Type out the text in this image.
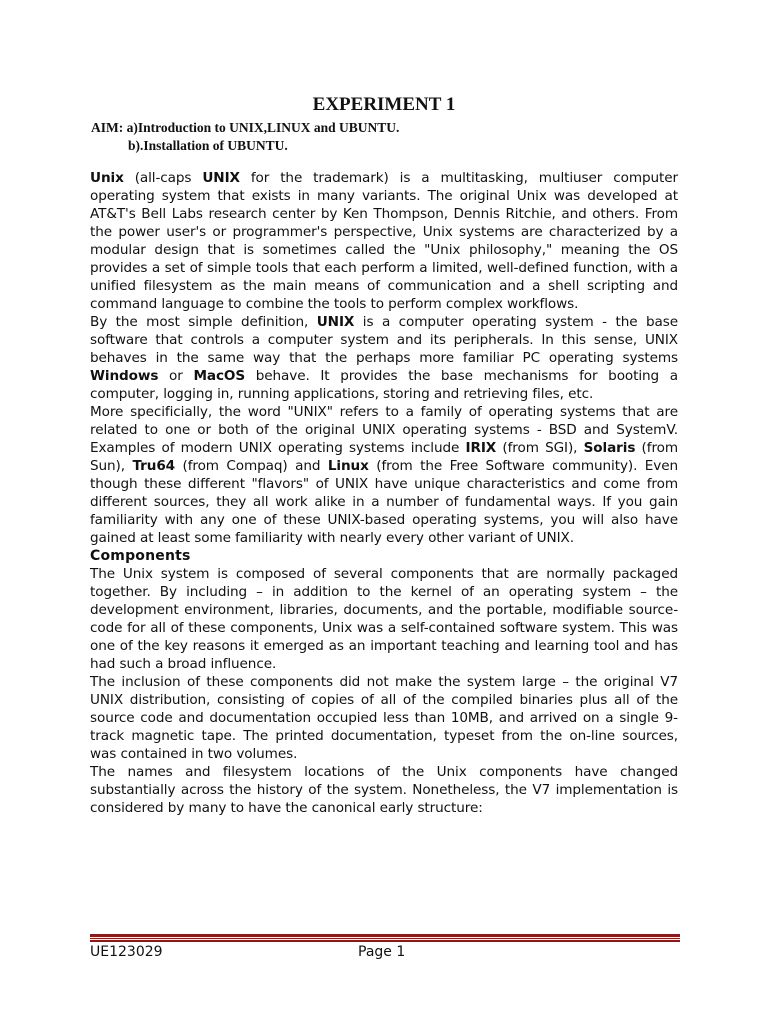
EXPERIMENT 1
AIM: a)Introduction to UNIX,LINUX and UBUNTU.
b).Installation of UBUNTU.

Unix (all-caps UNIX for the trademark) is a multitasking, multiuser computer operating system that exists in many variants. The original Unix was developed at AT&T's Bell Labs research center by Ken Thompson, Dennis Ritchie, and others. From the power user's or programmer's perspective, Unix systems are characterized by a modular design that is sometimes called the "Unix philosophy," meaning the OS provides a set of simple tools that each perform a limited, well-defined function, with a unified filesystem as the main means of communication and a shell scripting and command language to combine the tools to perform complex workflows.

By the most simple definition, UNIX is a computer operating system - the base software that controls a computer system and its peripherals. In this sense, UNIX behaves in the same way that the perhaps more familiar PC operating systems Windows or MacOS behave. It provides the base mechanisms for booting a computer, logging in, running applications, storing and retrieving files, etc.

More specificially, the word "UNIX" refers to a family of operating systems that are related to one or both of the original UNIX operating systems - BSD and SystemV. Examples of modern UNIX operating systems include IRIX (from SGI), Solaris (from Sun), Tru64 (from Compaq) and Linux (from the Free Software community). Even though these different "flavors" of UNIX have unique characteristics and come from different sources, they all work alike in a number of fundamental ways. If you gain familiarity with any one of these UNIX-based operating systems, you will also have gained at least some familiarity with nearly every other variant of UNIX.

Components

The Unix system is composed of several components that are normally packaged together. By including – in addition to the kernel of an operating system – the development environment, libraries, documents, and the portable, modifiable source-code for all of these components, Unix was a self-contained software system. This was one of the key reasons it emerged as an important teaching and learning tool and has had such a broad influence.

The inclusion of these components did not make the system large – the original V7 UNIX distribution, consisting of copies of all of the compiled binaries plus all of the source code and documentation occupied less than 10MB, and arrived on a single 9-track magnetic tape. The printed documentation, typeset from the on-line sources, was contained in two volumes.

The names and filesystem locations of the Unix components have changed substantially across the history of the system. Nonetheless, the V7 implementation is considered by many to have the canonical early structure:

UE123029	Page 1
